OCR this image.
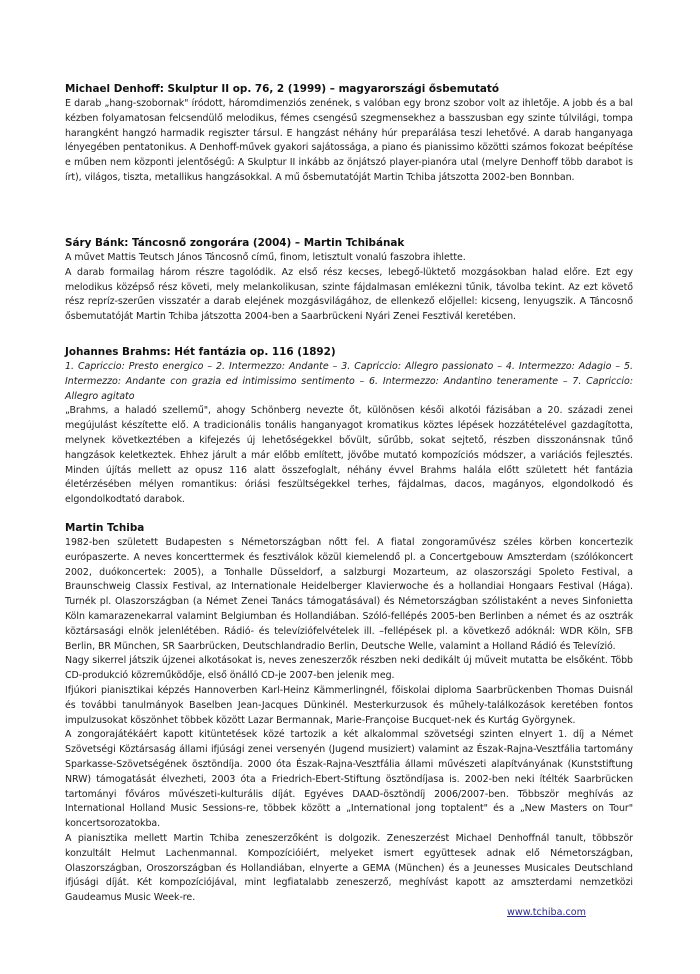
Michael Denhoff: Skulptur II op. 76, 2 (1999) – magyarországi ősbemutató

E darab „hang-szobornak" íródott, háromdimenziós zenének, s valóban egy bronz szobor volt az ihletője. A jobb és a bal kézben folyamatosan felcsendülő melodikus, fémes csengésű szegmensekhez a basszusban egy szinte túlvilági, tompa harangként hangzó harmadik regiszter társul. E hangzást néhány húr preparálása teszi lehetővé. A darab hanganyaga lényegében pentatonikus. A Denhoff-művek gyakori sajátossága, a piano és pianissimo közötti számos fokozat beépítése e műben nem központi jelentőségű: A Skulptur II inkább az önjátszó player-pianóra utal (melyre Denhoff több darabot is írt), világos, tiszta, metallikus hangzásokkal. A mű ősbemutatóját Martin Tchiba játszotta 2002-ben Bonnban.

Sáry Bánk: Táncosnő zongorára (2004) – Martin Tchibának

A művet Mattis Teutsch János Táncosnő című, finom, letisztult vonalú faszobra ihlette.

A darab formailag három részre tagolódik. Az első rész kecses, lebegő-lüktető mozgásokban halad előre. Ezt egy melodikus középső rész követi, mely melankolikusan, szinte fájdalmasan emlékezni tűnik, távolba tekint. Az ezt követő rész repríz-szerűen visszatér a darab elejének mozgásvilágához, de ellenkező előjellel: kicseng, lenyugszik. A Táncosnő ősbemutatóját Martin Tchiba játszotta 2004-ben a Saarbrückeni Nyári Zenei Fesztivál keretében.

Johannes Brahms: Hét fantázia op. 116 (1892)

1. Capriccio: Presto energico – 2. Intermezzo: Andante – 3. Capriccio: Allegro passionato – 4. Intermezzo: Adagio – 5. Intermezzo: Andante con grazia ed intimissimo sentimento – 6. Intermezzo: Andantino teneramente – 7. Capriccio: Allegro agitato

„Brahms, a haladó szellemű", ahogy Schönberg nevezte őt, különösen késői alkotói fázisában a 20. századi zenei megújulást készítette elő. A tradicionális tonális hanganyagot kromatikus köztes lépések hozzátételével gazdagította, melynek következtében a kifejezés új lehetőségekkel bővült, sűrűbb, sokat sejtető, részben disszonánsnak tűnő hangzások keletkeztek. Ehhez járult a már előbb említett, jövőbe mutató kompozíciós módszer, a variációs fejlesztés. Minden újítás mellett az opusz 116 alatt összefoglalt, néhány évvel Brahms halála előtt született hét fantázia életérzésében mélyen romantikus: óriási feszültségekkel terhes, fájdalmas, dacos, magányos, elgondolkodó és elgondolkodtató darabok.

Martin Tchiba

1982-ben született Budapesten s Németországban nőtt fel. A fiatal zongoraművész széles körben koncertezik európaszerte. A neves koncerttermek és fesztiválok közül kiemelendő pl. a Concertgebouw Amszterdam (szólókoncert 2002, duókoncertek: 2005), a Tonhalle Düsseldorf, a salzburgi Mozarteum, az olaszországi Spoleto Festival, a Braunschweig Classix Festival, az Internationale Heidelberger Klavierwoche és a hollandiai Hongaars Festival (Hága). Turnék pl. Olaszországban (a Német Zenei Tanács támogatásával) és Németországban szólistaként a neves Sinfonietta Köln kamarazenekarral valamint Belgiumban és Hollandiában. Szóló-fellépés 2005-ben Berlinben a német és az osztrák köztársasági elnök jelenlétében. Rádió- és televíziófelvételek ill. –fellépések pl. a következő adóknál: WDR Köln, SFB Berlin, BR München, SR Saarbrücken, Deutschlandradio Berlin, Deutsche Welle, valamint a Holland Rádió és Televízió.

Nagy sikerrel játszik újzenei alkotásokat is, neves zeneszerzők részben neki dedikált új műveit mutatta be elsőként. Több CD-produkció közreműködője, első önálló CD-je 2007-ben jelenik meg.

Ifjúkori pianisztikai képzés Hannoverben Karl-Heinz Kämmerlingnél, főiskolai diploma Saarbrückenben Thomas Duisnál és további tanulmányok Baselben Jean-Jacques Dünkinél. Mesterkurzusok és műhely-találkozások keretében fontos impulzusokat köszönhet többek között Lazar Bermannak, Marie-Françoise Bucquet-nek és Kurtág Györgynek.

A zongorajátékáért kapott kitüntetések közé tartozik a két alkalommal szövetségi szinten elnyert 1. díj a Német Szövetségi Köztársaság állami ifjúsági zenei versenyén (Jugend musiziert) valamint az Észak-Rajna-Vesztfália tartomány Sparkasse-Szövetségének ösztöndíja. 2000 óta Észak-Rajna-Vesztfália állami művészeti alapítványának (Kunststiftung NRW) támogatását élvezheti, 2003 óta a Friedrich-Ebert-Stiftung ösztöndíjasa is. 2002-ben neki ítélték Saarbrücken tartományi főváros művészeti-kulturális díját. Egyéves DAAD-ösztöndíj 2006/2007-ben. Többször meghívás az International Holland Music Sessions-re, többek között a „International jong toptalent" és a „New Masters on Tour" koncertsorozatokba.

A pianisztika mellett Martin Tchiba zeneszerzőként is dolgozik. Zeneszerzést Michael Denhoffnál tanult, többször konzultált Helmut Lachenmannal. Kompozícióiért, melyeket ismert együttesek adnak elő Németországban, Olaszországban, Oroszországban és Hollandiában, elnyerte a GEMA (München) és a Jeunesses Musicales Deutschland ifjúsági díját. Két kompozíciójával, mint legfiatalabb zeneszerző, meghívást kapott az amszterdami nemzetközi Gaudeamus Music Week-re.

www.tchiba.com
